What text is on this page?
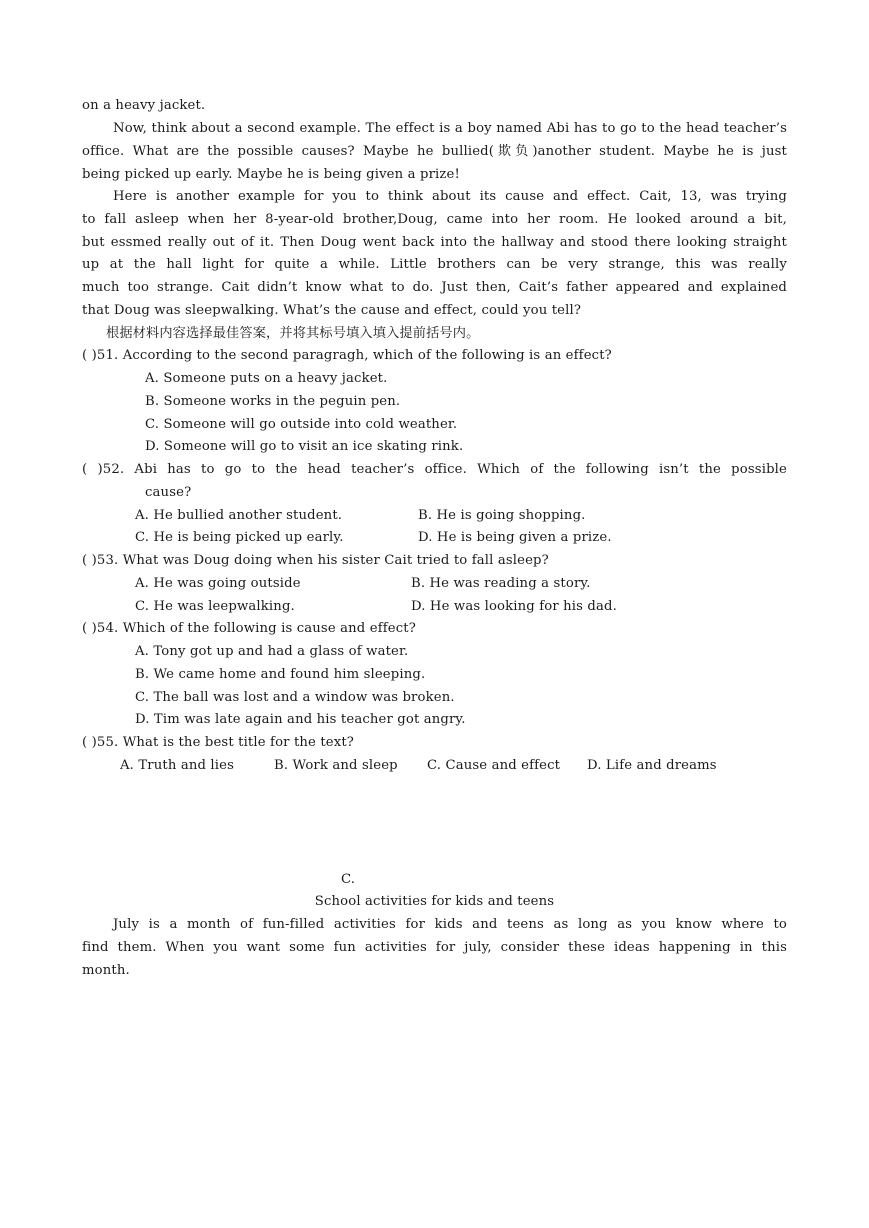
on a heavy jacket.
Now, think about a second example. The effect is a boy named Abi has to go to the head teacher’s
office. What are the possible causes? Maybe he bullied(欺负)another student. Maybe he is just
being picked up early. Maybe he is being given a prize!
Here is another example for you to think about its cause and effect. Cait, 13, was trying
to fall asleep when her 8-year-old brother,Doug, came into her room. He looked around a bit,
but essmed really out of it. Then Doug went back into the hallway and stood there looking straight
up at the hall light for quite a while. Little brothers can be very strange, this was really
much too strange. Cait didn’t know what to do. Just then, Cait’s father appeared and explained
that Doug was sleepwalking. What’s the cause and effect, could you tell?
根据材料内容选择最佳答案，并将其标号填入填入提前括号内。
( )51. According to the second paragragh, which of the following is an effect?
A. Someone puts on a heavy jacket.
B. Someone works in the peguin pen.
C. Someone will go outside into cold weather.
D. Someone will go to visit an ice skating rink.
( )52. Abi has to go to the head teacher’s office. Which of the following isn’t the possible
cause?
A. He bullied another student.	B. He is going shopping.
C. He is being picked up early.	D. He is being given a prize.
( )53. What was Doug doing when his sister Cait tried to fall asleep?
A. He was going outside	B. He was reading a story.
C. He was leepwalking.	D. He was looking for his dad.
( )54. Which of the following is cause and effect?
A. Tony got up and had a glass of water.
B. We came home and found him sleeping.
C. The ball was lost and a window was broken.
D. Tim was late again and his teacher got angry.
( )55. What is the best title for the text?
A. Truth and lies	B. Work and sleep C. Cause and effect D. Life and dreams
C.
School activities for kids and teens
July is a month of fun-filled activities for kids and teens as long as you know where to
find them. When you want some fun activities for july, consider these ideas happening in this
month.
